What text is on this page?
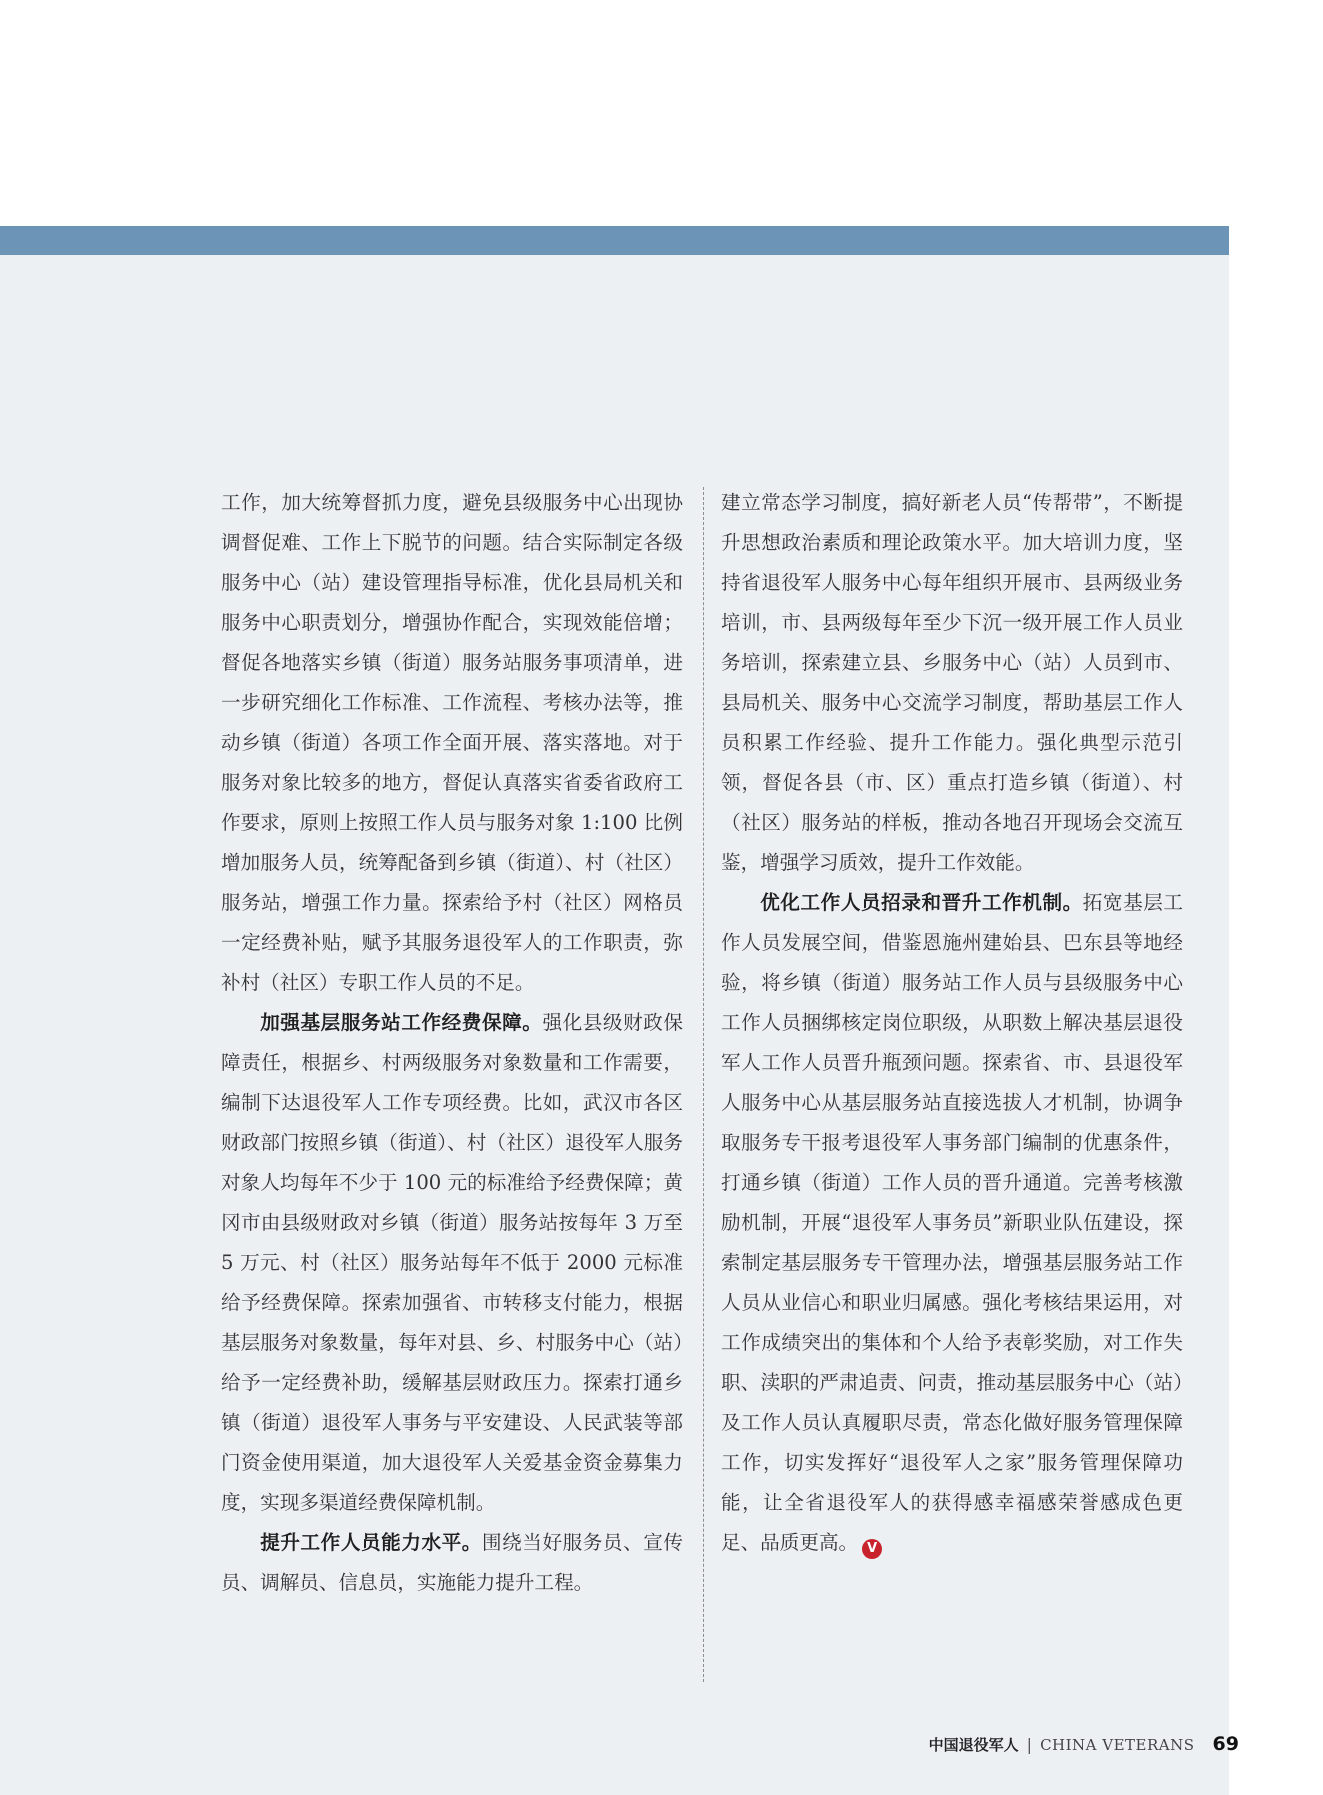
工作，加大统筹督抓力度，避免县级服务中心出现协调督促难、工作上下脱节的问题。结合实际制定各级服务中心（站）建设管理指导标准，优化县局机关和服务中心职责划分，增强协作配合，实现效能倍增；督促各地落实乡镇（街道）服务站服务事项清单，进一步研究细化工作标准、工作流程、考核办法等，推动乡镇（街道）各项工作全面开展、落实落地。对于服务对象比较多的地方，督促认真落实省委省政府工作要求，原则上按照工作人员与服务对象 1:100 比例增加服务人员，统筹配备到乡镇（街道）、村（社区）服务站，增强工作力量。探索给予村（社区）网格员一定经费补贴，赋予其服务退役军人的工作职责，弥补村（社区）专职工作人员的不足。

加强基层服务站工作经费保障。强化县级财政保障责任，根据乡、村两级服务对象数量和工作需要，编制下达退役军人工作专项经费。比如，武汉市各区财政部门按照乡镇（街道）、村（社区）退役军人服务对象人均每年不少于 100 元的标准给予经费保障；黄冈市由县级财政对乡镇（街道）服务站按每年 3 万至 5 万元、村（社区）服务站每年不低于 2000 元标准给予经费保障。探索加强省、市转移支付能力，根据基层服务对象数量，每年对县、乡、村服务中心（站）给予一定经费补助，缓解基层财政压力。探索打通乡镇（街道）退役军人事务与平安建设、人民武装等部门资金使用渠道，加大退役军人关爱基金资金募集力度，实现多渠道经费保障机制。

提升工作人员能力水平。围绕当好服务员、宣传员、调解员、信息员，实施能力提升工程。

建立常态学习制度，搞好新老人员“传帮带”，不断提升思想政治素质和理论政策水平。加大培训力度，坚持省退役军人服务中心每年组织开展市、县两级业务培训，市、县两级每年至少下沉一级开展工作人员业务培训，探索建立县、乡服务中心（站）人员到市、县局机关、服务中心交流学习制度，帮助基层工作人员积累工作经验、提升工作能力。强化典型示范引领，督促各县（市、区）重点打造乡镇（街道）、村（社区）服务站的样板，推动各地召开现场会交流互鉴，增强学习质效，提升工作效能。

优化工作人员招录和晋升工作机制。拓宽基层工作人员发展空间，借鉴恩施州建始县、巴东县等地经验，将乡镇（街道）服务站工作人员与县级服务中心工作人员捆绑核定岗位职级，从职数上解决基层退役军人工作人员晋升瓶颈问题。探索省、市、县退役军人服务中心从基层服务站直接选拔人才机制，协调争取服务专干报考退役军人事务部门编制的优惠条件，打通乡镇（街道）工作人员的晋升通道。完善考核激励机制，开展“退役军人事务员”新职业队伍建设，探索制定基层服务专干管理办法，增强基层服务站工作人员从业信心和职业归属感。强化考核结果运用，对工作成绩突出的集体和个人给予表彰奖励，对工作失职、渎职的严肃追责、问责，推动基层服务中心（站）及工作人员认真履职尽责，常态化做好服务管理保障工作，切实发挥好“退役军人之家”服务管理保障功能，让全省退役军人的获得感幸福感荣誉感成色更足、品质更高。 V

中国退役军人 | CHINA VETERANS 69
